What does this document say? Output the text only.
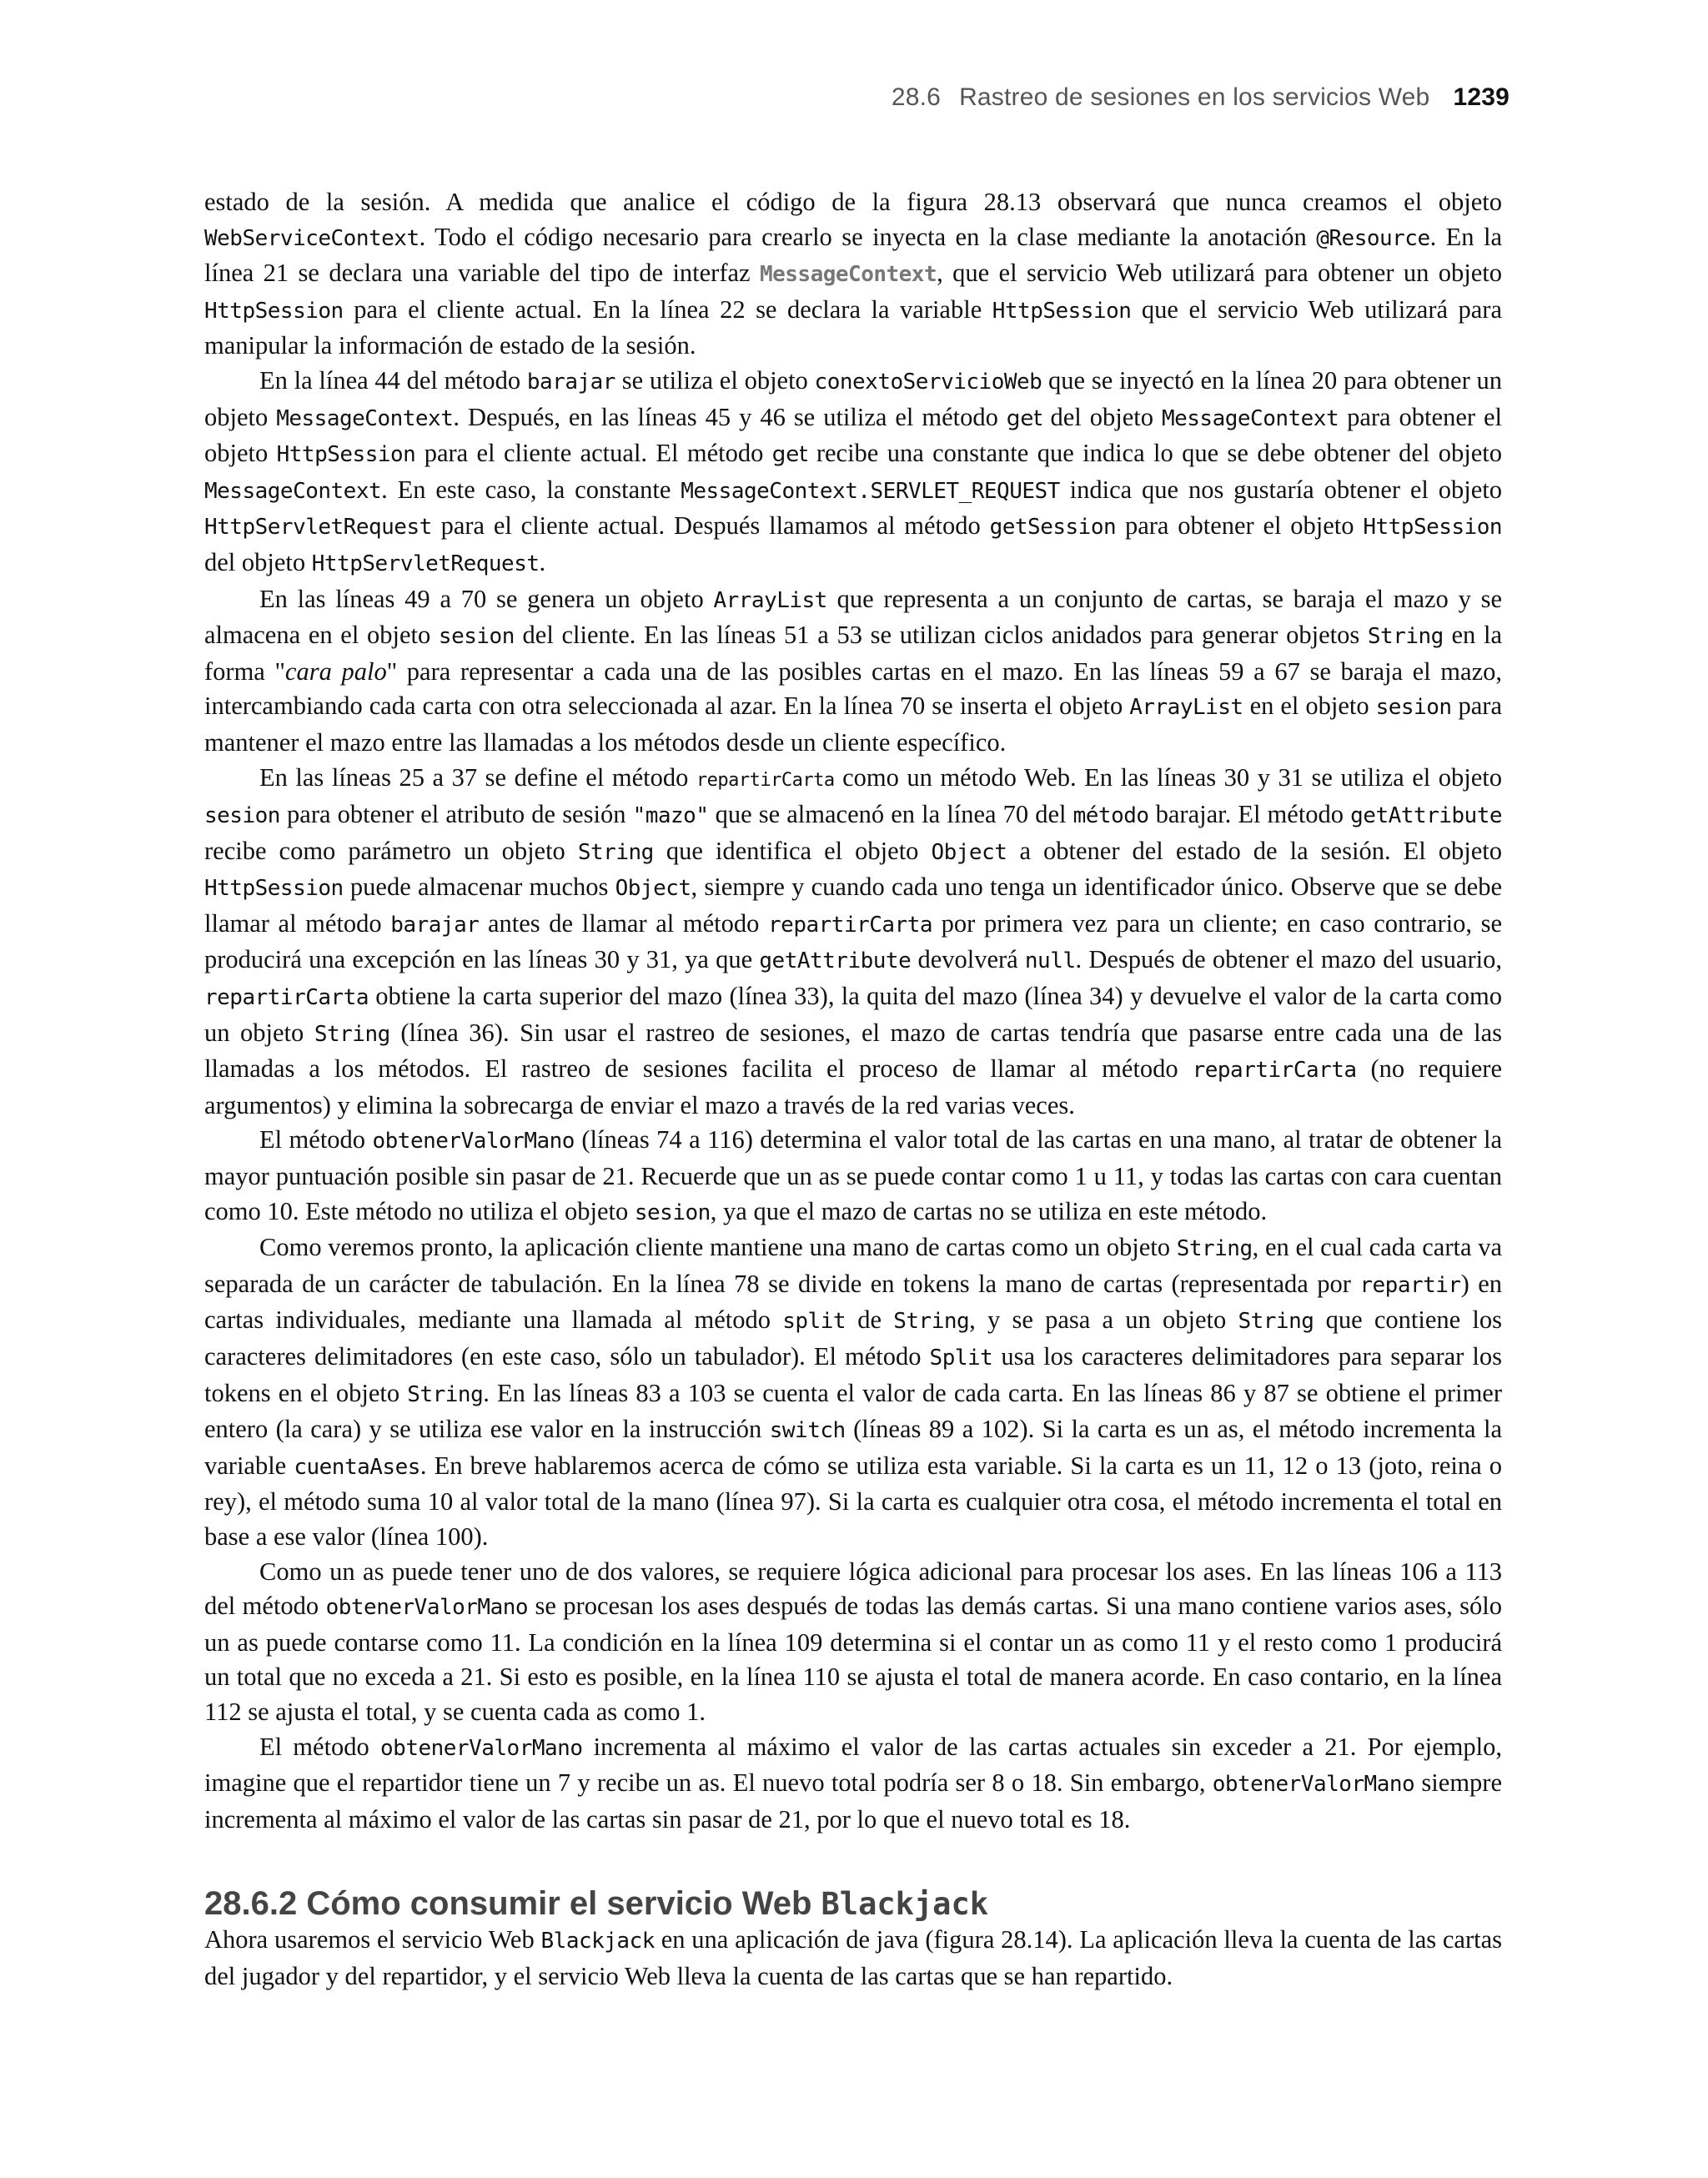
28.6 Rastreo de sesiones en los servicios Web 1239

estado de la sesión. A medida que analice el código de la figura 28.13 observará que nunca creamos el objeto WebServiceContext. Todo el código necesario para crearlo se inyecta en la clase mediante la anotación @Resource. En la línea 21 se declara una variable del tipo de interfaz MessageContext, que el servicio Web utilizará para obtener un objeto HttpSession para el cliente actual. En la línea 22 se declara la variable HttpSession que el servicio Web utilizará para manipular la información de estado de la sesión.

En la línea 44 del método barajar se utiliza el objeto conextoServicioWeb que se inyectó en la línea 20 para obtener un objeto MessageContext. Después, en las líneas 45 y 46 se utiliza el método get del objeto MessageContext para obtener el objeto HttpSession para el cliente actual. El método get recibe una constante que indica lo que se debe obtener del objeto MessageContext. En este caso, la constante MessageContext.SERVLET_REQUEST indica que nos gustaría obtener el objeto HttpServletRequest para el cliente actual. Después llamamos al método getSession para obtener el objeto HttpSession del objeto HttpServletRequest.

En las líneas 49 a 70 se genera un objeto ArrayList que representa a un conjunto de cartas, se baraja el mazo y se almacena en el objeto sesion del cliente. En las líneas 51 a 53 se utilizan ciclos anidados para generar objetos String en la forma "cara palo" para representar a cada una de las posibles cartas en el mazo. En las líneas 59 a 67 se baraja el mazo, intercambiando cada carta con otra seleccionada al azar. En la línea 70 se inserta el objeto ArrayList en el objeto sesion para mantener el mazo entre las llamadas a los métodos desde un cliente específico.

En las líneas 25 a 37 se define el método repartirCarta como un método Web. En las líneas 30 y 31 se utiliza el objeto sesion para obtener el atributo de sesión "mazo" que se almacenó en la línea 70 del método barajar. El método getAttribute recibe como parámetro un objeto String que identifica el objeto Object a obtener del estado de la sesión. El objeto HttpSession puede almacenar muchos Object, siempre y cuando cada uno tenga un identificador único. Observe que se debe llamar al método barajar antes de llamar al método repartirCarta por primera vez para un cliente; en caso contrario, se producirá una excepción en las líneas 30 y 31, ya que getAttribute devolverá null. Después de obtener el mazo del usuario, repartirCarta obtiene la carta superior del mazo (línea 33), la quita del mazo (línea 34) y devuelve el valor de la carta como un objeto String (línea 36). Sin usar el rastreo de sesiones, el mazo de cartas tendría que pasarse entre cada una de las llamadas a los métodos. El rastreo de sesiones facilita el proceso de llamar al método repartirCarta (no requiere argumentos) y elimina la sobrecarga de enviar el mazo a través de la red varias veces.

El método obtenerValorMano (líneas 74 a 116) determina el valor total de las cartas en una mano, al tratar de obtener la mayor puntuación posible sin pasar de 21. Recuerde que un as se puede contar como 1 u 11, y todas las cartas con cara cuentan como 10. Este método no utiliza el objeto sesion, ya que el mazo de cartas no se utiliza en este método.

Como veremos pronto, la aplicación cliente mantiene una mano de cartas como un objeto String, en el cual cada carta va separada de un carácter de tabulación. En la línea 78 se divide en tokens la mano de cartas (representada por repartir) en cartas individuales, mediante una llamada al método split de String, y se pasa a un objeto String que contiene los caracteres delimitadores (en este caso, sólo un tabulador). El método Split usa los caracteres delimitadores para separar los tokens en el objeto String. En las líneas 83 a 103 se cuenta el valor de cada carta. En las líneas 86 y 87 se obtiene el primer entero (la cara) y se utiliza ese valor en la instrucción switch (líneas 89 a 102). Si la carta es un as, el método incrementa la variable cuentaAses. En breve hablaremos acerca de cómo se utiliza esta variable. Si la carta es un 11, 12 o 13 (joto, reina o rey), el método suma 10 al valor total de la mano (línea 97). Si la carta es cualquier otra cosa, el método incrementa el total en base a ese valor (línea 100).

Como un as puede tener uno de dos valores, se requiere lógica adicional para procesar los ases. En las líneas 106 a 113 del método obtenerValorMano se procesan los ases después de todas las demás cartas. Si una mano contiene varios ases, sólo un as puede contarse como 11. La condición en la línea 109 determina si el contar un as como 11 y el resto como 1 producirá un total que no exceda a 21. Si esto es posible, en la línea 110 se ajusta el total de manera acorde. En caso contario, en la línea 112 se ajusta el total, y se cuenta cada as como 1.

El método obtenerValorMano incrementa al máximo el valor de las cartas actuales sin exceder a 21. Por ejemplo, imagine que el repartidor tiene un 7 y recibe un as. El nuevo total podría ser 8 o 18. Sin embargo, obtenerValorMano siempre incrementa al máximo el valor de las cartas sin pasar de 21, por lo que el nuevo total es 18.

28.6.2 Cómo consumir el servicio Web Blackjack

Ahora usaremos el servicio Web Blackjack en una aplicación de java (figura 28.14). La aplicación lleva la cuenta de las cartas del jugador y del repartidor, y el servicio Web lleva la cuenta de las cartas que se han repartido.
